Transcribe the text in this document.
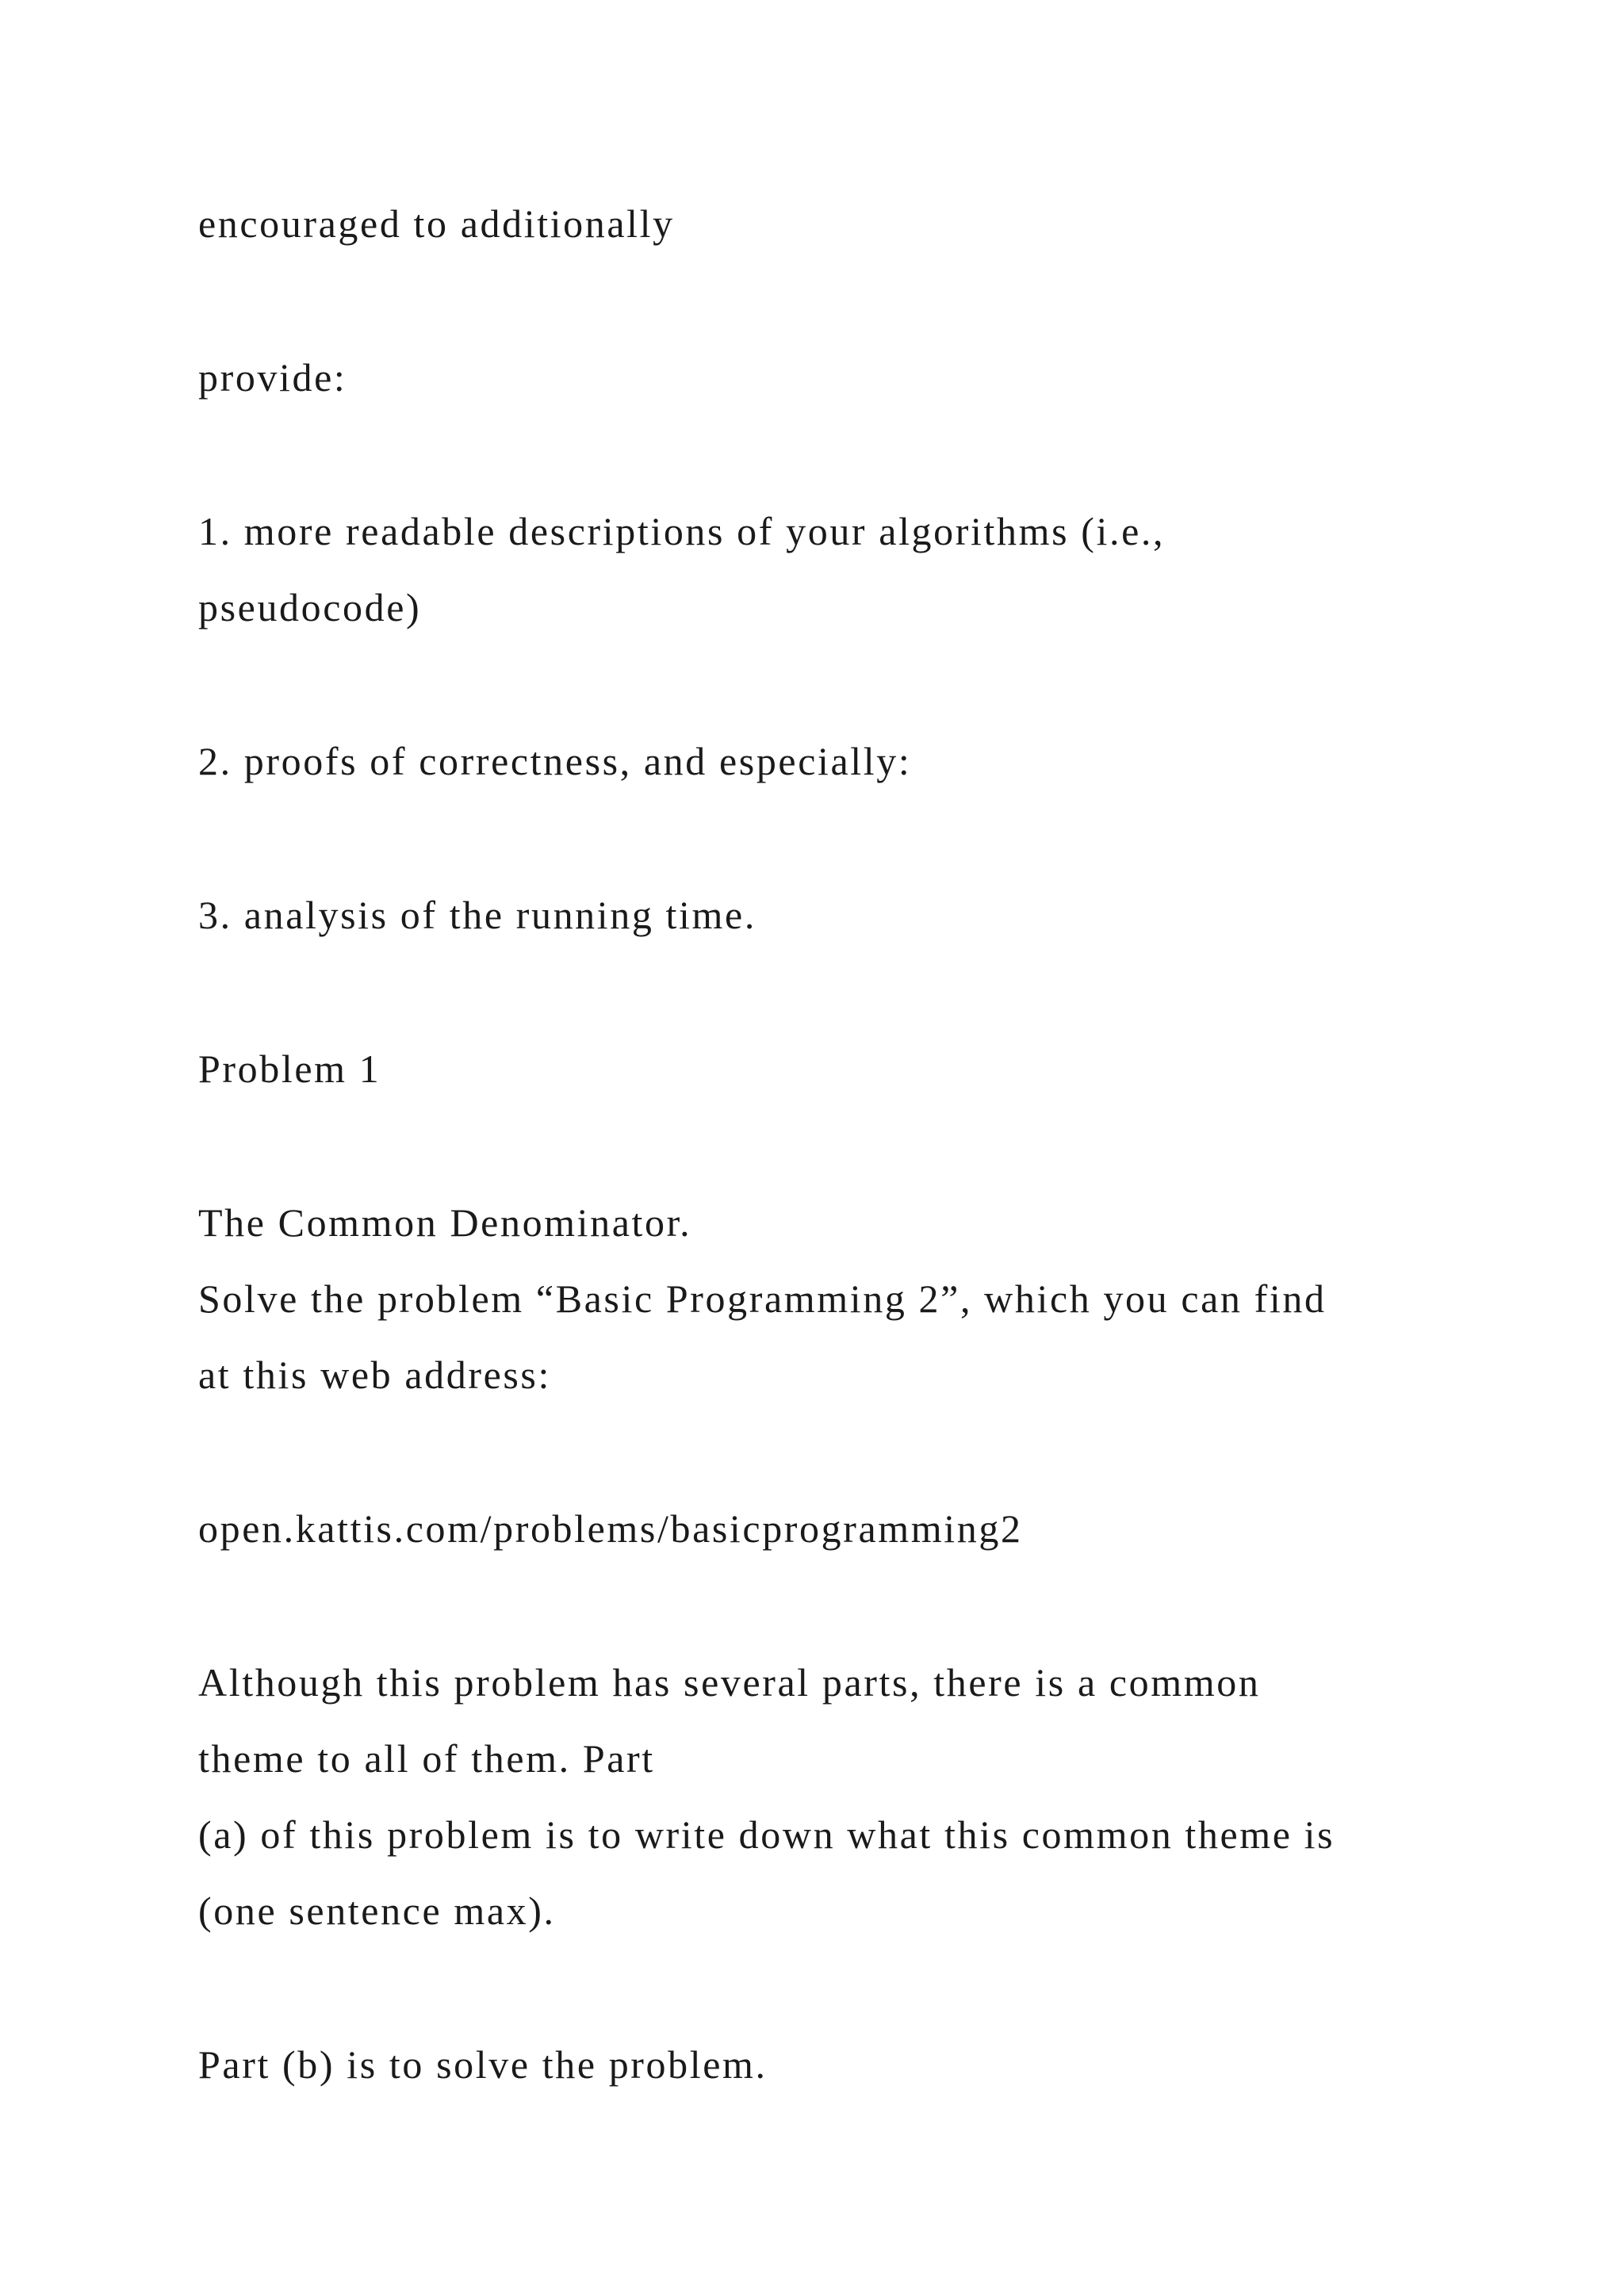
encouraged to additionally

provide:

1. more readable descriptions of your algorithms (i.e.,

pseudocode)

2. proofs of correctness, and especially:

3. analysis of the running time.

Problem 1

The Common Denominator.

Solve the problem “Basic Programming 2”, which you can find

at this web address:

open.kattis.com/problems/basicprogramming2

Although this problem has several parts, there is a common

theme to all of them. Part

(a) of this problem is to write down what this common theme is

(one sentence max).

Part (b) is to solve the problem.
